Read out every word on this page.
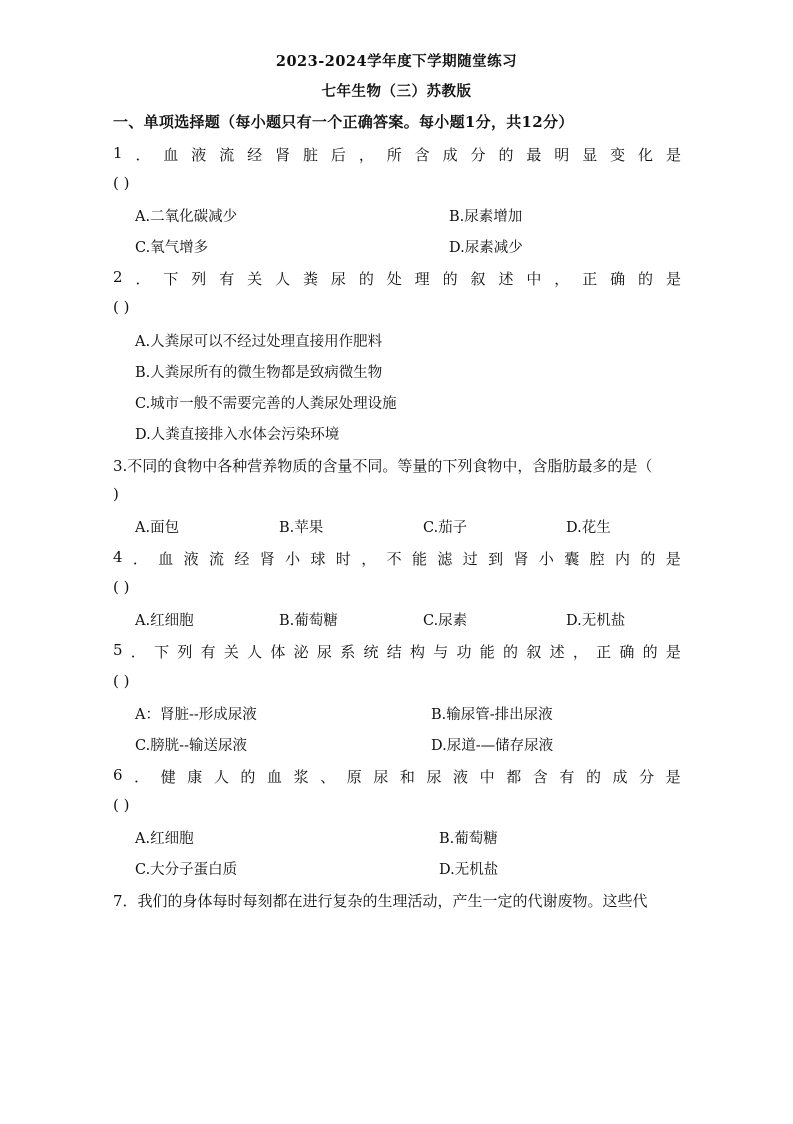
2023-2024学年度下学期随堂练习
七年生物（三）苏教版
一、单项选择题（每小题只有一个正确答案。每小题1分，共12分）
1 ． 血 液 流 经 肾 脏 后 ， 所 含 成 分 的 最 明 显 变 化 是
( )
A.二氧化碳减少	B.尿素增加
C.氧气增多	D.尿素减少
2 ． 下 列 有 关 人 粪 尿 的 处 理 的 叙 述 中 ， 正 确 的 是
( )
A.人粪尿可以不经过处理直接用作肥料
B.人粪尿所有的微生物都是致病微生物
C.城市一般不需要完善的人粪尿处理设施
D.人粪直接排入水体会污染环境
3.不同的食物中各种营养物质的含量不同。等量的下列食物中，含脂肪最多的是（
)
A.面包	B.苹果	C.茄子	D.花生
4 ． 血 液 流 经 肾 小 球 时 ， 不 能 滤 过 到 肾 小 囊 腔 内 的 是
( )
A.红细胞	B.葡萄糖	C.尿素	D.无机盐
5 ． 下 列 有 关 人 体 泌 尿 系 统 结 构 与 功 能 的 叙 述 ， 正 确 的 是
( )
A：肾脏--形成尿液	B.输尿管-排出尿液
C.膀胱--输送尿液	D.尿道-—储存尿液
6 ． 健 康 人 的 血 浆 、 原 尿 和 尿 液 中 都 含 有 的 成 分 是
( )
A.红细胞	B.葡萄糖
C.大分子蛋白质	D.无机盐
7．我们的身体每时每刻都在进行复杂的生理活动，产生一定的代谢废物。这些代
